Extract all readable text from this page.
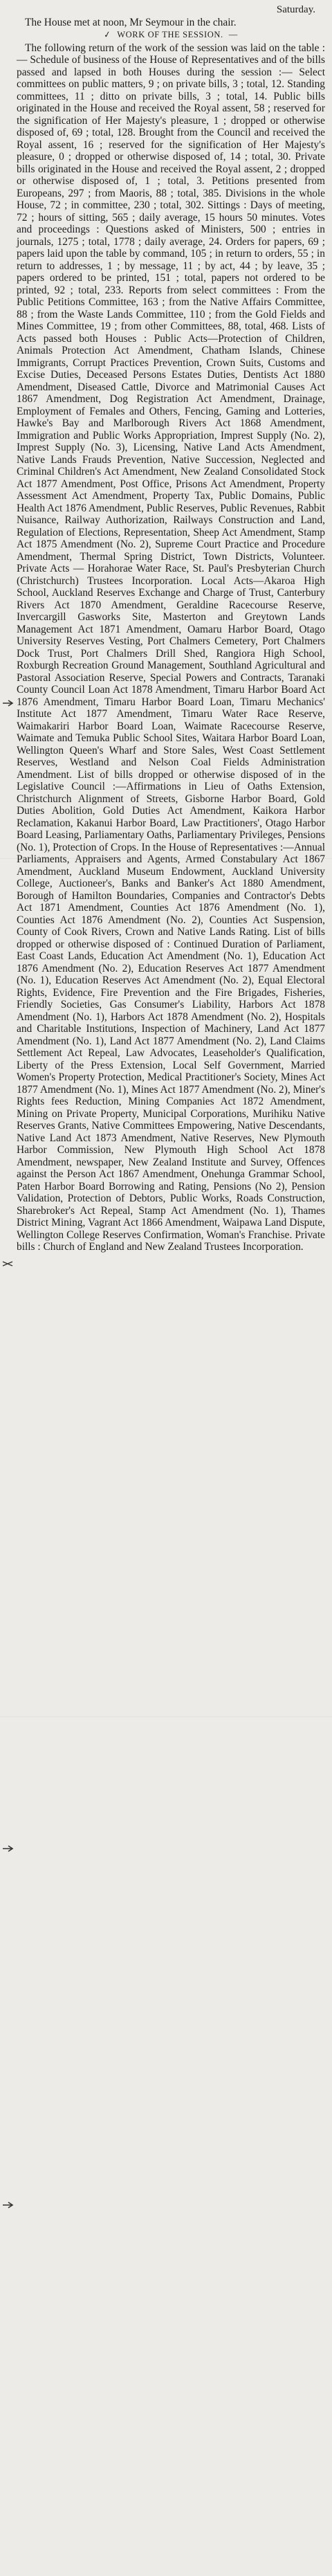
Saturday.

The House met at noon, Mr Seymour in the chair.

✓ WORK OF THE SESSION. —

The following return of the work of the session was laid on the table :— Schedule of business of the House of Representatives and of the bills passed and lapsed in both Houses during the session :— Select committees on public matters, 9 ; on private bills, 3 ; total, 12. Standing committees, 11 ; ditto on private bills, 3 ; total, 14. Public bills originated in the House and received the Royal assent, 58 ; reserved for the signification of Her Majesty's pleasure, 1 ; dropped or otherwise disposed of, 69 ; total, 128. Brought from the Council and received the Royal assent, 16 ; reserved for the signification of Her Majesty's pleasure, 0 ; dropped or otherwise disposed of, 14 ; total, 30. Private bills originated in the House and received the Royal assent, 2 ; dropped or otherwise disposed of, 1 ; total, 3. Petitions presented from Europeans, 297 ; from Maoris, 88 ; total, 385. Divisions in the whole House, 72 ; in committee, 230 ; total, 302. Sittings : Days of meeting, 72 ; hours of sitting, 565 ; daily average, 15 hours 50 minutes. Votes and proceedings : Questions asked of Ministers, 500 ; entries in journals, 1275 ; total, 1778 ; daily average, 24. Orders for papers, 69 ; papers laid upon the table by command, 105 ; in return to orders, 55 ; in return to addresses, 1 ; by message, 11 ; by act, 44 ; by leave, 35 ; papers ordered to be printed, 151 ; total, papers not ordered to be printed, 92 ; total, 233. Reports from select committees : From the Public Petitions Committee, 163 ; from the Native Affairs Committee, 88 ; from the Waste Lands Committee, 110 ; from the Gold Fields and Mines Committee, 19 ; from other Committees, 88, total, 468. Lists of Acts passed both Houses : Public Acts—Protection of Children, Animals Protection Act Amendment, Chatham Islands, Chinese Immigrants, Corrupt Practices Prevention, Crown Suits, Customs and Excise Duties, Deceased Persons Estates Duties, Dentists Act 1880 Amendment, Diseased Cattle, Divorce and Matrimonial Causes Act 1867 Amendment, Dog Registration Act Amendment, Drainage, Employment of Females and Others, Fencing, Gaming and Lotteries, Hawke's Bay and Marlborough Rivers Act 1868 Amendment, Immigration and Public Works Appropriation, Imprest Supply (No. 2), Imprest Supply (No. 3), Licensing, Native Land Acts Amendment, Native Lands Frauds Prevention, Native Succession, Neglected and Criminal Children's Act Amendment, New Zealand Consolidated Stock Act 1877 Amendment, Post Office, Prisons Act Amendment, Property Assessment Act Amendment, Property Tax, Public Domains, Public Health Act 1876 Amendment, Public Reserves, Public Revenues, Rabbit Nuisance, Railway Authorization, Railways Construction and Land, Regulation of Elections, Representation, Sheep Act Amendment, Stamp Act 1875 Amendment (No. 2), Supreme Court Practice and Procedure Amendment, Thermal Spring District, Town Districts, Volunteer. Private Acts — Horahorae Water Race, St. Paul's Presbyterian Church (Christchurch) Trustees Incorporation. Local Acts—Akaroa High School, Auckland Reserves Exchange and Charge of Trust, Canterbury Rivers Act 1870 Amendment, Geraldine Racecourse Reserve, Invercargill Gasworks Site, Masterton and Greytown Lands Management Act 1871 Amendment, Oamaru Harbor Board, Otago University Reserves Vesting, Port Chalmers Cemetery, Port Chalmers Dock Trust, Port Chalmers Drill Shed, Rangiora High School, Roxburgh Recreation Ground Management, Southland Agricultural and Pastoral Association Reserve, Special Powers and Contracts, Taranaki County Council Loan Act 1878 Amendment, Timaru Harbor Board Act 1876 Amendment, Timaru Harbor Board Loan, Timaru Mechanics' Institute Act 1877 Amendment, Timaru Water Race Reserve, Waimakariri Harbor Board Loan, Waimate Racecourse Reserve, Waimate and Temuka Public School Sites, Waitara Harbor Board Loan, Wellington Queen's Wharf and Store Sales, West Coast Settlement Reserves, Westland and Nelson Coal Fields Administration Amendment. List of bills dropped or otherwise disposed of in the Legislative Council :—Affirmations in Lieu of Oaths Extension, Christchurch Alignment of Streets, Gisborne Harbor Board, Gold Duties Abolition, Gold Duties Act Amendment, Kaikora Harbor Reclamation, Kakanui Harbor Board, Law Practitioners', Otago Harbor Board Leasing, Parliamentary Oaths, Parliamentary Privileges, Pensions (No. 1), Protection of Crops. In the House of Representatives :—Annual Parliaments, Appraisers and Agents, Armed Constabulary Act 1867 Amendment, Auckland Museum Endowment, Auckland University College, Auctioneer's, Banks and Banker's Act 1880 Amendment, Borough of Hamilton Boundaries, Companies and Contractor's Debts Act 1871 Amendment, Counties Act 1876 Amendment (No. 1), Counties Act 1876 Amendment (No. 2), Counties Act Suspension, County of Cook Rivers, Crown and Native Lands Rating. List of bills dropped or otherwise disposed of : Continued Duration of Parliament, East Coast Lands, Education Act Amendment (No. 1), Education Act 1876 Amendment (No. 2), Education Reserves Act 1877 Amendment (No. 1), Education Reserves Act Amendment (No. 2), Equal Electoral Rights, Evidence, Fire Prevention and the Fire Brigades, Fisheries, Friendly Societies, Gas Consumer's Liability, Harbors Act 1878 Amendment (No. 1), Harbors Act 1878 Amendment (No. 2), Hospitals and Charitable Institutions, Inspection of Machinery, Land Act 1877 Amendment (No. 1), Land Act 1877 Amendment (No. 2), Land Claims Settlement Act Repeal, Law Advocates, Leaseholder's Qualification, Liberty of the Press Extension, Local Self Government, Married Women's Property Protection, Medical Practitioner's Society, Mines Act 1877 Amendment (No. 1), Mines Act 1877 Amendment (No. 2), Miner's Rights fees Reduction, Mining Companies Act 1872 Amendment, Mining on Private Property, Municipal Corporations, Murihiku Native Reserves Grants, Native Committees Empowering, Native Descendants, Native Land Act 1873 Amendment, Native Reserves, New Plymouth Harbor Commission, New Plymouth High School Act 1878 Amendment, newspaper, New Zealand Institute and Survey, Offences against the Person Act 1867 Amendment, Onehunga Grammar School, Paten Harbor Board Borrowing and Rating, Pensions (No 2), Pension Validation, Protection of Debtors, Public Works, Roads Construction, Sharebroker's Act Repeal, Stamp Act Amendment (No. 1), Thames District Mining, Vagrant Act 1866 Amendment, Waipawa Land Dispute, Wellington College Reserves Confirmation, Woman's Franchise. Private bills : Church of England and New Zealand Trustees Incorporation.
